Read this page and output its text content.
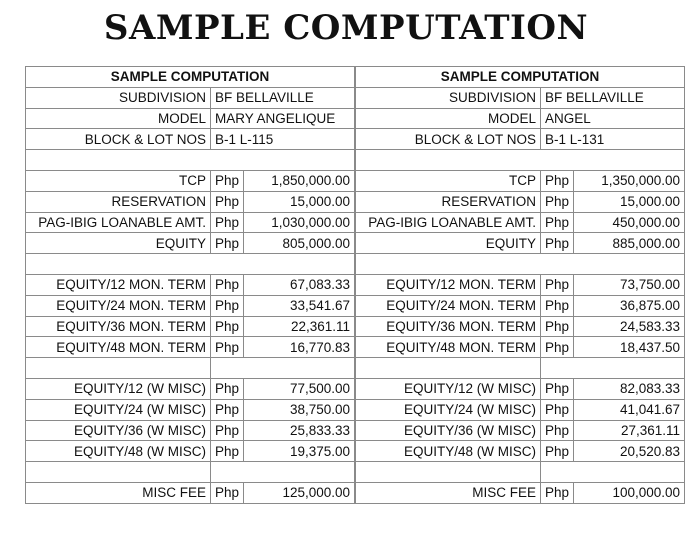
SAMPLE COMPUTATION
SAMPLE COMPUTATION		
SUBDIVISION	BF BELLAVILLE	
MODEL	MARY ANGELIQUE	
BLOCK & LOT NOS	B-1 L-115	

TCP	Php	1,850,000.00
RESERVATION	Php	15,000.00
PAG-IBIG LOANABLE AMT.	Php	1,030,000.00
EQUITY	Php	805,000.00

EQUITY/12 MON. TERM	Php	67,083.33
EQUITY/24 MON. TERM	Php	33,541.67
EQUITY/36 MON. TERM	Php	22,361.11
EQUITY/48 MON. TERM	Php	16,770.83

EQUITY/12 (W MISC)	Php	77,500.00
EQUITY/24 (W MISC)	Php	38,750.00
EQUITY/36 (W MISC)	Php	25,833.33
EQUITY/48 (W MISC)	Php	19,375.00

MISC FEE	Php	125,000.00
SAMPLE COMPUTATION		
SUBDIVISION	BF BELLAVILLE	
MODEL	ANGEL	
BLOCK & LOT NOS	B-1 L-131	

TCP	Php	1,350,000.00
RESERVATION	Php	15,000.00
PAG-IBIG LOANABLE AMT.	Php	450,000.00
EQUITY	Php	885,000.00

EQUITY/12 MON. TERM	Php	73,750.00
EQUITY/24 MON. TERM	Php	36,875.00
EQUITY/36 MON. TERM	Php	24,583.33
EQUITY/48 MON. TERM	Php	18,437.50

EQUITY/12 (W MISC)	Php	82,083.33
EQUITY/24 (W MISC)	Php	41,041.67
EQUITY/36 (W MISC)	Php	27,361.11
EQUITY/48 (W MISC)	Php	20,520.83

MISC FEE	Php	100,000.00
